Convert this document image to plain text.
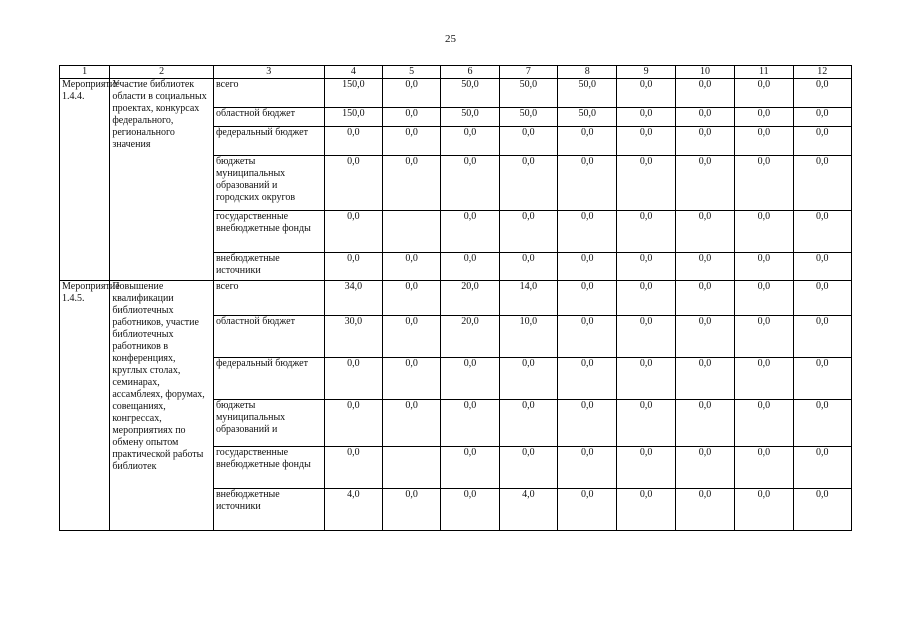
25
1	2	3	4	5	6	7	8	9	10	11	12
Мероприятие 1.4.4.	Участие библиотек области в социальных проектах, конкурсах федерального, регионального значения	всего	150,0	0,0	50,0	50,0	50,0	0,0	0,0	0,0	0,0
		областной бюджет	150,0	0,0	50,0	50,0	50,0	0,0	0,0	0,0	0,0
		федеральный бюджет	0,0	0,0	0,0	0,0	0,0	0,0	0,0	0,0	0,0
		бюджеты муниципальных образований и городских округов	0,0	0,0	0,0	0,0	0,0	0,0	0,0	0,0	0,0
		государственные внебюджетные фонды	0,0		0,0	0,0	0,0	0,0	0,0	0,0	0,0
		внебюджетные источники	0,0	0,0	0,0	0,0	0,0	0,0	0,0	0,0	0,0
Мероприятие 1.4.5.	Повышение квалификации библиотечных работников, участие библиотечных работников в конференциях, круглых столах, семинарах, ассамблеях, форумах, совещаниях, конгрессах, мероприятиях по обмену опытом практической работы библиотек	всего	34,0	0,0	20,0	14,0	0,0	0,0	0,0	0,0	0,0
		областной бюджет	30,0	0,0	20,0	10,0	0,0	0,0	0,0	0,0	0,0
		федеральный бюджет	0,0	0,0	0,0	0,0	0,0	0,0	0,0	0,0	0,0
		бюджеты муниципальных образований и	0,0	0,0	0,0	0,0	0,0	0,0	0,0	0,0	0,0
		государственные внебюджетные фонды	0,0		0,0	0,0	0,0	0,0	0,0	0,0	0,0
		внебюджетные источники	4,0	0,0	0,0	4,0	0,0	0,0	0,0	0,0	0,0
